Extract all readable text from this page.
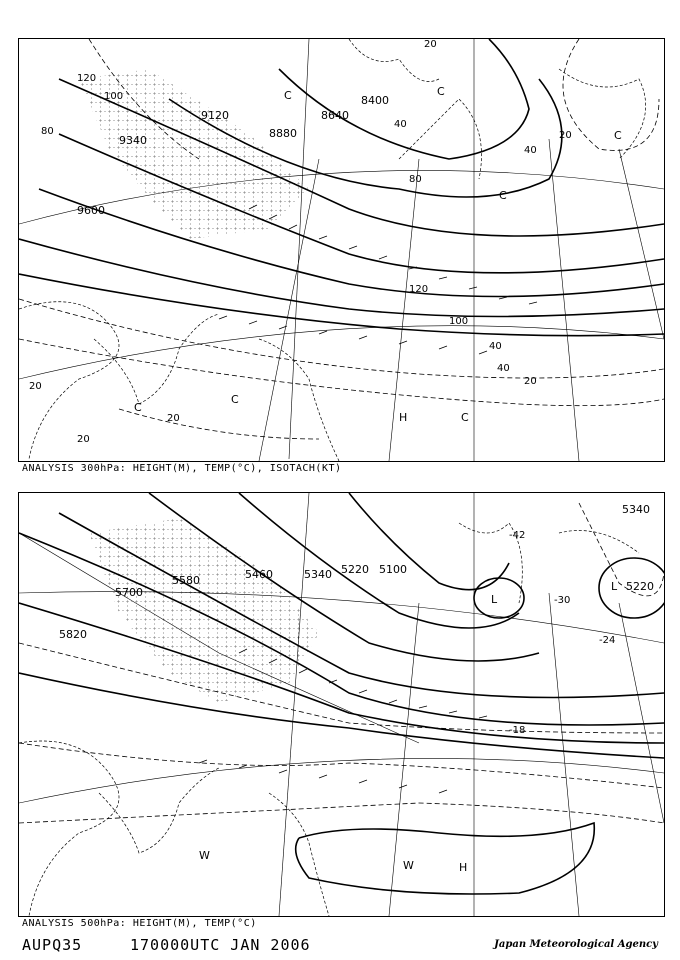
9120
9340
9600
8880
8640
8400
120
100
80
20
40
120
100
40
40
20
20
20
80
40
20
20
C
C
C
H	C
C
C
C
ANALYSIS 300hPa: HEIGHT(M), TEMP(°C), ISOTACH(KT)
5820
5700
5580	5460	5340 5220 5100
5340
5220
-42
-30
-24
-18
L
L
W
W	H
ANALYSIS 500hPa: HEIGHT(M), TEMP(°C)
AUPQ35	170000UTC JAN 2006	Japan Meteorological Agency
